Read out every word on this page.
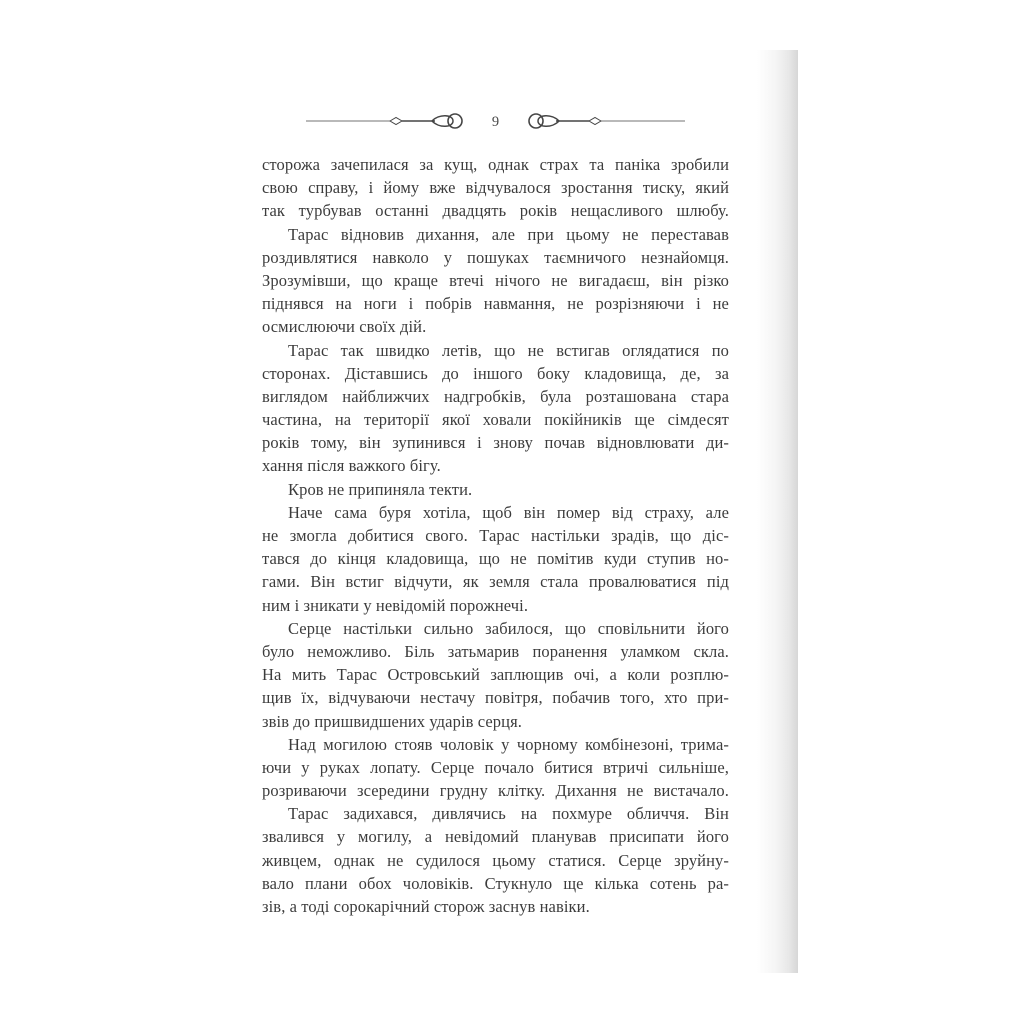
9
сторожа зачепилася за кущ, однак страх та паніка зробили
свою справу, і йому вже відчувалося зростання тиску, який
так турбував останні двадцять років нещасливого шлюбу.
Тарас відновив дихання, але при цьому не переставав
роздивлятися навколо у пошуках таємничого незнайомця.
Зрозумівши, що краще втечі нічого не вигадаєш, він різко
піднявся на ноги і побрів навмання, не розрізняючи і не
осмислюючи своїх дій.
Тарас так швидко летів, що не встигав оглядатися по
сторонах. Діставшись до іншого боку кладовища, де, за
виглядом найближчих надгробків, була розташована стара
частина, на території якої ховали покійників ще сімдесят
років тому, він зупинився і знову почав відновлювати ди-
хання після важкого бігу.
Кров не припиняла текти.
Наче сама буря хотіла, щоб він помер від страху, але
не змогла добитися свого. Тарас настільки зрадів, що діс-
тався до кінця кладовища, що не помітив куди ступив но-
гами. Він встиг відчути, як земля стала провалюватися під
ним і зникати у невідомій порожнечі.
Серце настільки сильно забилося, що сповільнити його
було неможливо. Біль затьмарив поранення уламком скла.
На мить Тарас Островський заплющив очі, а коли розплю-
щив їх, відчуваючи нестачу повітря, побачив того, хто при-
звів до пришвидшених ударів серця.
Над могилою стояв чоловік у чорному комбінезоні, трима-
ючи у руках лопату. Серце почало битися втричі сильніше,
розриваючи зсередини грудну клітку. Дихання не вистачало.
Тарас задихався, дивлячись на похмуре обличчя. Він
звалився у могилу, а невідомий планував присипати його
живцем, однак не судилося цьому статися. Серце зруйну-
вало плани обох чоловіків. Стукнуло ще кілька сотень ра-
зів, а тоді сорокарічний сторож заснув навіки.
